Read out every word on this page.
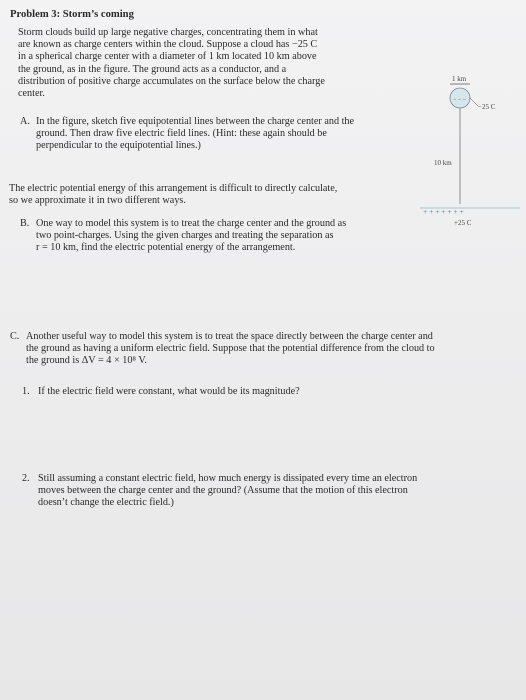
Problem 3: Storm’s coming

Storm clouds build up large negative charges, concentrating them in what

are known as charge centers within the cloud. Suppose a cloud has −25 C

in a spherical charge center with a diameter of 1 km located 10 km above

the ground, as in the figure. The ground acts as a conductor, and a

distribution of positive charge accumulates on the surface below the charge

center.

A. In the figure, sketch five equipotential lines between the charge center and the
ground. Then draw five electric field lines. (Hint: these again should be
perpendicular to the equipotential lines.)
The electric potential energy of this arrangement is difficult to directly calculate,
so we approximate it in two different ways.
B. One way to model this system is to treat the charge center and the ground as
two point-charges. Using the given charges and treating the separation as
r = 10 km, find the electric potential energy of the arrangement.
C. Another useful way to model this system is to treat the space directly between the charge center and
the ground as having a uniform electric field. Suppose that the potential difference from the cloud to
the ground is ΔV = 4 × 10⁸ V.
1. If the electric field were constant, what would be its magnitude?
2. Still assuming a constant electric field, how much energy is dissipated every time an electron
moves between the charge center and the ground? (Assume that the motion of this electron
doesn’t change the electric field.)
1 km
− − −
−25 C
10 km
+ + + + + + +
+25 C
